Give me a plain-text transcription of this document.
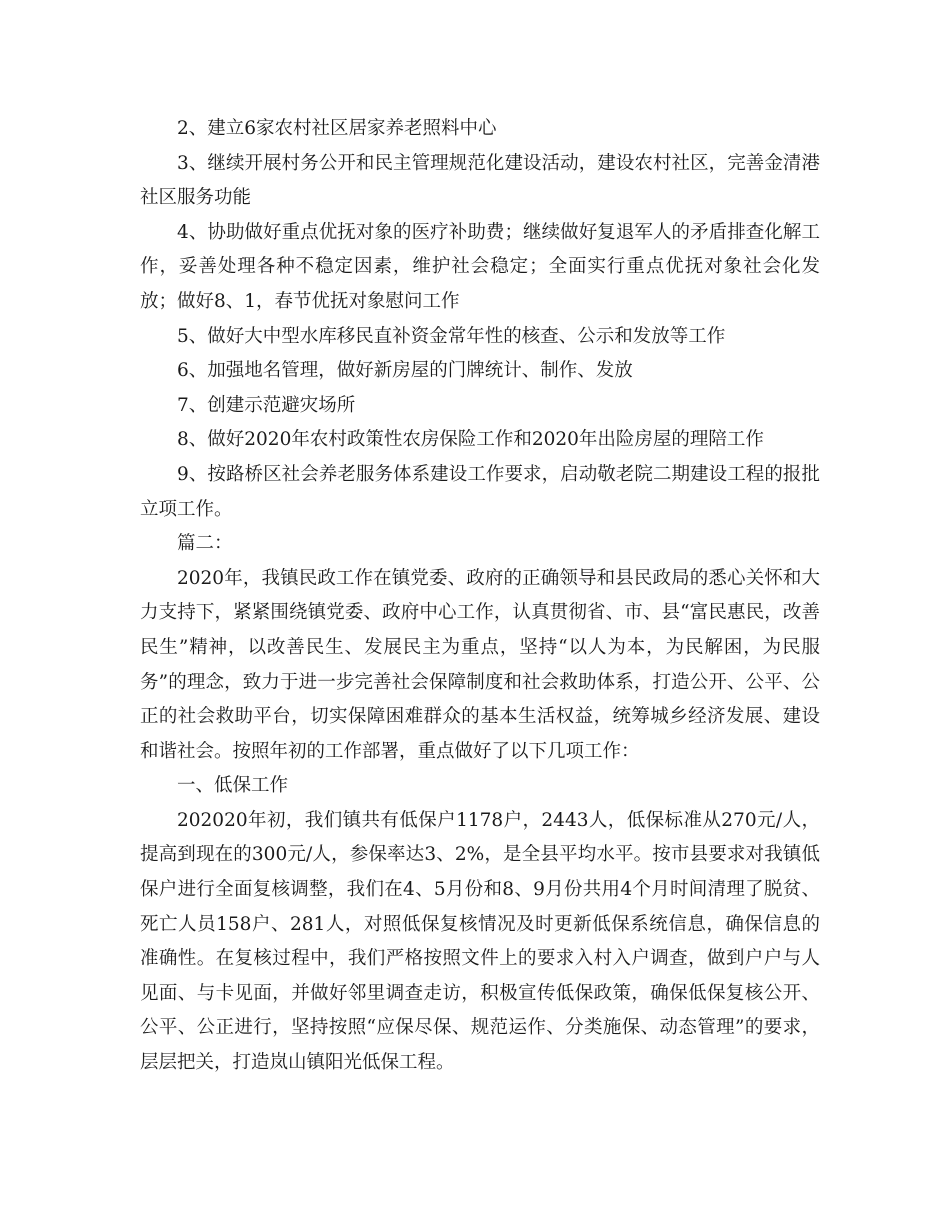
2、建立6家农村社区居家养老照料中心

3、继续开展村务公开和民主管理规范化建设活动，建设农村社区，完善金清港社区服务功能

4、协助做好重点优抚对象的医疗补助费；继续做好复退军人的矛盾排查化解工作，妥善处理各种不稳定因素，维护社会稳定；全面实行重点优抚对象社会化发放；做好8、1，春节优抚对象慰问工作

5、做好大中型水库移民直补资金常年性的核查、公示和发放等工作

6、加强地名管理，做好新房屋的门牌统计、制作、发放

7、创建示范避灾场所

8、做好2020年农村政策性农房保险工作和2020年出险房屋的理陪工作

9、按路桥区社会养老服务体系建设工作要求，启动敬老院二期建设工程的报批立项工作。

篇二：

2020年，我镇民政工作在镇党委、政府的正确领导和县民政局的悉心关怀和大力支持下，紧紧围绕镇党委、政府中心工作，认真贯彻省、市、县“富民惠民，改善民生”精神，以改善民生、发展民主为重点，坚持“以人为本，为民解困，为民服务”的理念，致力于进一步完善社会保障制度和社会救助体系，打造公开、公平、公正的社会救助平台，切实保障困难群众的基本生活权益，统筹城乡经济发展、建设和谐社会。按照年初的工作部署，重点做好了以下几项工作：

一、低保工作

202020年初，我们镇共有低保户1178户，2443人，低保标准从270元/人，提高到现在的300元/人，参保率达3、2%，是全县平均水平。按市县要求对我镇低保户进行全面复核调整，我们在4、5月份和8、9月份共用4个月时间清理了脱贫、死亡人员158户、281人，对照低保复核情况及时更新低保系统信息，确保信息的准确性。在复核过程中，我们严格按照文件上的要求入村入户调查，做到户户与人见面、与卡见面，并做好邻里调查走访，积极宣传低保政策，确保低保复核公开、公平、公正进行，坚持按照“应保尽保、规范运作、分类施保、动态管理”的要求，层层把关，打造岚山镇阳光低保工程。
